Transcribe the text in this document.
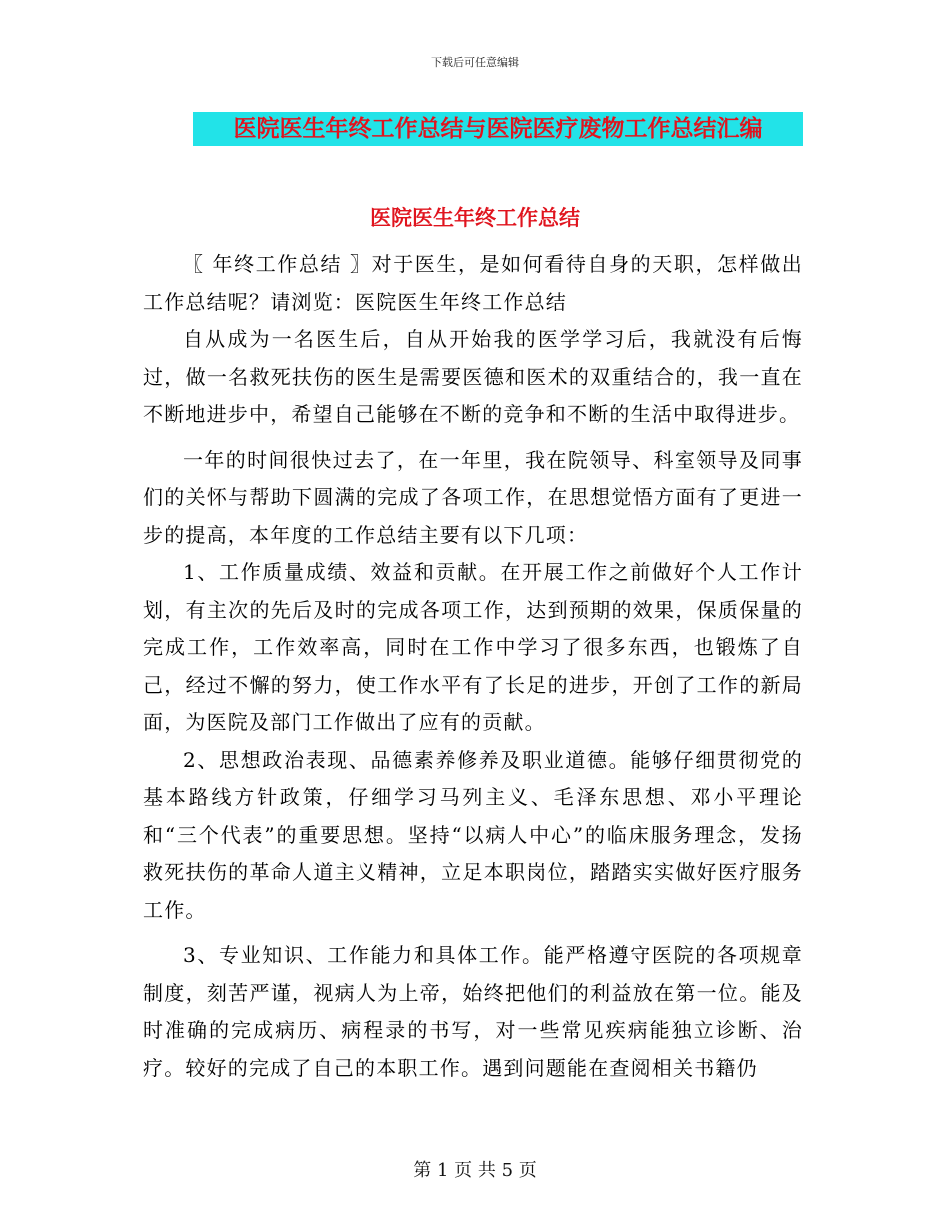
下载后可任意编辑
医院医生年终工作总结与医院医疗废物工作总结汇编
医院医生年终工作总结

〖 年终工作总结 〗对于医生，是如何看待自身的天职，怎样做出工作总结呢？请浏览：医院医生年终工作总结

自从成为一名医生后，自从开始我的医学学习后，我就没有后悔过，做一名救死扶伤的医生是需要医德和医术的双重结合的，我一直在不断地进步中，希望自己能够在不断的竞争和不断的生活中取得进步。

一年的时间很快过去了，在一年里，我在院领导、科室领导及同事们的关怀与帮助下圆满的完成了各项工作，在思想觉悟方面有了更进一步的提高，本年度的工作总结主要有以下几项：

1、工作质量成绩、效益和贡献。在开展工作之前做好个人工作计划，有主次的先后及时的完成各项工作，达到预期的效果，保质保量的完成工作，工作效率高，同时在工作中学习了很多东西，也锻炼了自己，经过不懈的努力，使工作水平有了长足的进步，开创了工作的新局面，为医院及部门工作做出了应有的贡献。

2、思想政治表现、品德素养修养及职业道德。能够仔细贯彻党的基本路线方针政策，仔细学习马列主义、毛泽东思想、邓小平理论和“三个代表”的重要思想。坚持“以病人中心”的临床服务理念，发扬救死扶伤的革命人道主义精神，立足本职岗位，踏踏实实做好医疗服务工作。

3、专业知识、工作能力和具体工作。能严格遵守医院的各项规章制度，刻苦严谨，视病人为上帝，始终把他们的利益放在第一位。能及时准确的完成病历、病程录的书写，对一些常见疾病能独立诊断、治疗。较好的完成了自己的本职工作。遇到问题能在查阅相关书籍仍

第 1 页 共 5 页
